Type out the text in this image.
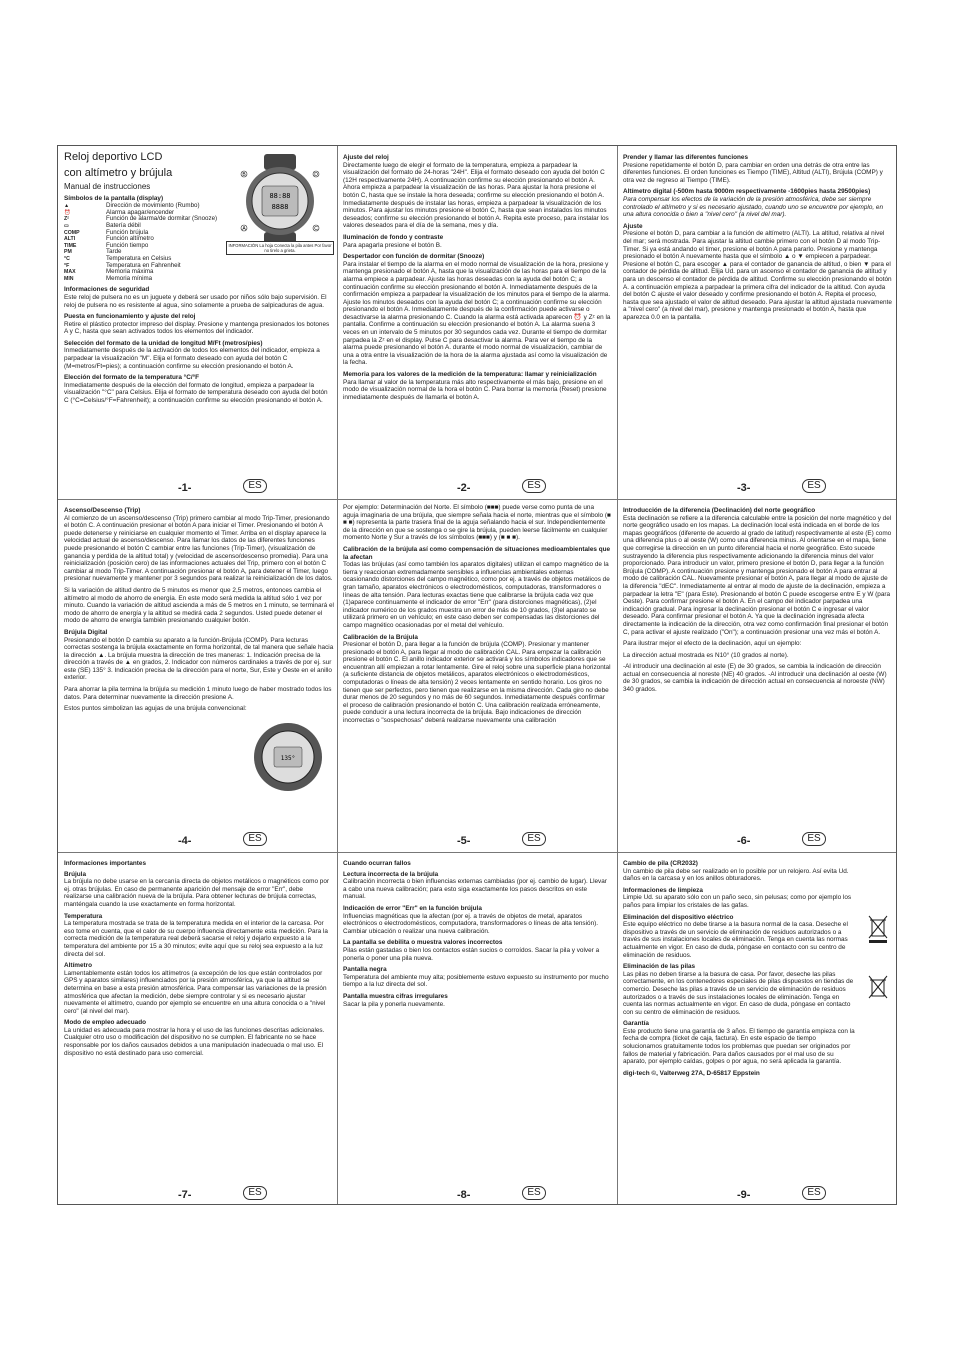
Reloj deportivo LCD

con altímetro y brújula

Manual de instrucciones

Símbolos de la pantalla (display)

▲	Dirección de movimiento (Rumbo)
⏰	Alarma apagar/encender
Zᶻ	Función de alarma/de dormitar (Snooze)
▭	Batería débil
COMP	Función brújula
ALTI	Función altímetro
TIME	Función tiempo
PM	Tarde
°C	Temperatura en Celsius
°F	Temperatura en Fahrenheit
MAX	Memoria máxima
MIN	Memoria mínima
88:88
8888
B	D
A	C
INFORMACIÓN La hoja Conecta la pila antes Por favor no tirelo a grieta.

Informaciones de seguridad

Este reloj de pulsera no es un juguete y deberá ser usado por niños sólo bajo supervisión. El reloj de pulsera no es resistente al agua, sino solamente a prueba de salpicaduras de agua.

Puesta en funcionamiento y ajuste del reloj

Retire el plástico protector impreso del display. Presione y mantenga presionados los botones A y C, hasta que sean activados todos los elementos del indicador.

Selección del formato de la unidad de longitud M/Ft (metros/pies)

Inmediatamente después de la activación de todos los elementos del indicador, empieza a parpadear la visualización "M". Elija el formato deseado con ayuda del botón C (M=metros/Ft=pies); a continuación confirme su elección presionando el botón A.

Elección del formato de la temperatura °C/°F

Inmediatamente después de la elección del formato de longitud, empieza a parpadear la visualización "°C" para Celsius. Elija el formato de temperatura deseado con ayuda del botón C (°C=Celsius/°F=Fahrenheit); a continuación confirme su elección presionando el botón A.

-1-	ES

Ajuste del reloj

Directamente luego de elegir el formato de la temperatura, empieza a parpadear la visualización del formato de 24-horas "24H". Elija el formato deseado con ayuda del botón C (12H respectivamente 24H). A continuación confirme su elección presionando el botón A. Ahora empieza a parpadear la visualización de las horas. Para ajustar la hora presione el botón C, hasta que se instale la hora deseada; confirme su elección presionando el botón A. Inmediatamente después de instalar las horas, empieza a parpadear la visualización de los minutos. Para ajustar los minutos presione el botón C, hasta que sean instalados los minutos deseados; confirme su elección presionando el botón A. Repita este proceso, para instalar los valores deseados para el día de la semana, mes y día.

Iluminación de fondo y contraste

Para apagarla presione el botón B.

Despertador con función de dormitar (Snooze)

Para instalar el tiempo de la alarma en el modo normal de visualización de la hora, presione y mantenga presionado el botón A, hasta que la visualización de las horas para el tiempo de la alarma empiece a parpadear. Ajuste las horas deseadas con la ayuda del botón C; a continuación confirme su elección presionando el botón A. Inmediatamente después de la confirmación empieza a parpadear la visualización de los minutos para el tiempo de la alarma. Ajuste los minutos deseados con la ayuda del botón C; a continuación confirme su elección presionando el botón A. Inmediatamente después de la confirmación puede activarse o desactivarse la alarma presionando C. Cuando la alarma está activada aparecen ⏰ y Zᶻ en la pantalla. Confirme a continuación su elección presionando el botón A. La alarma suena 3 veces en un intervalo de 5 minutos por 30 segundos cada vez. Durante el tiempo de dormitar parpadea la Zᶻ en el display. Pulse C para desactivar la alarma. Para ver el tiempo de la alarma puede presionando el botón A. durante el modo normal de visualización, cambiar de una a otra entre la visualización de la hora de la alarma ajustada así como la visualización de la fecha.

Memoria para los valores de la medición de la temperatura: llamar y reinicialización

Para llamar al valor de la temperatura más alto respectivamente el más bajo, presione en el modo de visualización normal de la hora el botón C. Para borrar la memoria (Reset) presione inmediatamente después de llamarla el botón A.

-2-	ES

Prender y llamar las diferentes funciones

Presione repetidamente el botón D, para cambiar en orden una detrás de otra entre las diferentes funciones. El orden funciones es Tiempo (TIME), Altitud (ALTI), Brújula (COMP) y otra vez de regreso al Tiempo (TIME).

Altímetro digital (-500m hasta 9000m respectivamente -1600pies hasta 29500pies)

Para compensar los efectos de la variación de la presión atmosférica, debe ser siempre controlado el altímetro y si es necesario ajustado, cuando uno se encuentre por ejemplo, en una altura conocida o bien a "nivel cero" (a nivel del mar).

Ajuste

Presione el botón D, para cambiar a la función de altímetro (ALTI). La altitud, relativa al nivel del mar; será mostrada. Para ajustar la altitud cambie primero con el botón D al modo Trip-Timer. Si ya está andando el timer, presione el botón A para pararlo. Presione y mantenga presionado el botón A nuevamente hasta que el símbolo ▲ o ▼ empiecen a parpadear. Presione el botón C, para escoger ▲ para el contador de ganancia de altitud, o bien ▼ para el contador de pérdida de altitud. Elija Ud. para un ascenso el contador de ganancia de altitud y para un descenso el contador de pérdida de altitud. Confirme su elección presionando el botón A. a continuación empieza a parpadear la primera cifra del indicador de la altitud. Con ayuda del botón C ajuste el valor deseado y confirme presionando el botón A. Repita el proceso, hasta que sea ajustado el valor de altitud deseado. Para ajustar la altitud ajustada nuevamente a "nivel cero" (a nivel del mar), presione y mantenga presionado el botón A, hasta que aparezca 0.0 en la pantalla.

-3-	ES

Ascenso/Descenso (Trip)

Al comienzo de un ascenso/descenso (Trip) primero cambiar al modo Trip-Timer, presionando el botón C. A continuación presionar el botón A para iniciar el Timer. Presionando el botón A puede detenerse y reiniciarse en cualquier momento el Timer. Arriba en el display aparece la velocidad actual de ascenso/descenso. Para llamar los datos de las diferentes funciones puede presionando el botón C cambiar entre las funciones (Trip-Timer), (visualización de ganancia y perdida de la altitud total) y (velocidad de ascenso/descenso promedia). Para una reinicialización (posición cero) de las informaciones actuales del Trip, primero con el botón C cambiar al modo Trip-Timer. A continuación presionar el botón A, para detener el Timer, luego presionar nuevamente y mantener por 3 segundos para realizar la reinicialización de los datos.

Si la variación de altitud dentro de 5 minutos es menor que 2,5 metros, entonces cambia el altímetro al modo de ahorro de energía. En este modo será medida la altitud sólo 1 vez por minuto. Cuando la variación de altitud ascienda a más de 5 metros en 1 minuto, se terminará el modo de ahorro de energía y la altitud se medirá cada 2 segundos. Usted puede detener el modo de ahorro de energía también presionando cualquier botón.

Brújula Digital

Presionando el botón D cambia su aparato a la función-Brújula (COMP). Para lecturas correctas sostenga la brújula exactamente en forma horizontal, de tal manera que señale hacia la dirección ▲. La brújula muestra la dirección de tres maneras: 1. Indicación precisa de la dirección a través de ▲ en grados, 2. Indicador con números cardinales a través de por ej. sur este (SE) 135° 3. Indicación precisa de la dirección para el norte, Sur, Este y Oeste en el anillo exterior.

Para ahorrar la pila termina la brújula su medición 1 minuto luego de haber mostrado todos los datos. Para determinar nuevamente la dirección presione A.

Estos puntos simbolizan las agujas de una brújula convencional:

135°
-4-	ES

Por ejemplo: Determinación del Norte. El símbolo (■■■) puede verse como punta de una aguja imaginaria de una brújula, que siempre señala hacia el norte, mientras que el símbolo (■ ■ ■) representa la parte trasera final de la aguja señalando hacia el sur. Independientemente de la dirección en que se sostenga o se gire la brújula, pueden leerse fácilmente en cualquier momento Norte y Sur a través de los símbolos (■■■) y (■ ■ ■).

Calibración de la brújula así como compensación de situaciones medioambientales que la afectan

Todas las brújulas (así como también los aparatos digitales) utilizan el campo magnético de la tierra y reaccionan extremadamente sensibles a influencias ambientales externas ocasionando distorciones del campo magnético, como por ej. a través de objetos metálicos de gran tamaño, aparatos electrónicos o electrodomésticos, computadoras, transformadores o líneas de alta tensión. Para lecturas exactas tiene que calibrarse la brújula cada vez que (1)aparece continuamente el indicador de error "Err" (para distorciones magnéticas), (2)el indicador numérico de los grados muestra un error de más de 10 grados, (3)el aparato se utilizará primero en un vehículo; en este caso deben ser compensadas las distorciones del campo magnético ocasionadas por el metal del vehículo.

Calibración de la Brújula

Presionar el botón D, para llegar a la función de brújula (COMP). Presionar y mantener presionado el botón A, para llegar al modo de calibración CAL. Para empezar la calibración presione el botón C. El anillo indicador exterior se activará y los símbolos indicadores que se encuentran allí empiezan a rotar lentamente. Gire el reloj sobre una superficie plana horizontal (a suficiente distancia de objetos metálicos, aparatos electrónicos o electrodomésticos, computadoras o líneas de alta tensión) 2 veces lentamente en sentido horario. Los giros no tienen que ser perfectos, pero tienen que realizarse en la misma dirección. Cada giro no debe durar menos de 20 segundos y no más de 60 segundos. Inmediatamente después confirmar el proceso de calibración presionando el botón C. Una calibración realizada erróneamente, puede conducir a una lectura incorrecta de la brújula. Bajo indicaciones de dirección incorrectas o "sospechosas" deberá realizarse nuevamente una calibración

-5-	ES

Introducción de la diferencia (Declinación) del norte geográfico

Esta declinación se refiere a la diferencia calculable entre la posición del norte magnético y del norte geográfico usado en los mapas. La declinación local está indicada en el borde de los mapas geográficos (diferente de acuerdo al grado de latitud) respectivamente al este (E) como una diferencia plus o al oeste (W) como una diferencia minus. Al orientarse en el mapa, tiene que corregirse la dirección en un punto diferencial hacia el norte geográfico. Esto sucede sustrayendo la diferencia plus respectivamente adicionando la diferencia minus del valor proporcionado. Para introducir un valor, primero presione el botón D, para llegar a la función Brújula (COMP). A continuación presione y mantenga presionado el botón A para entrar al modo de calibración CAL. Nuevamente presionar el botón A, para llegar al modo de ajuste de la diferencia "dEC". Inmediatamente al entrar al modo de ajuste de la declinación, empieza a parpadear la letra "E" (para Este). Presionando el botón C puede escogerse entre E y W (para Oeste). Para confirmar presione el botón A. En el campo del indicador parpadea una indicación gradual. Para ingresar la declinación presionar el botón C e ingresar el valor deseado. Para confirmar presionar el botón A. Ya que la declinación ingresada afecta directamente la indicación de la dirección, otra vez como confirmación final presionar el botón C, para activar el ajuste realizado ("On"); a continuación presionar una vez más el botón A.

Para ilustrar mejor el efecto de la declinación, aquí un ejemplo:

La dirección actual mostrada es N10° (10 grados al norte).

-Al introducir una declinación al este (E) de 30 grados, se cambia la indicación de dirección actual en consecuencia al noreste (NE) 40 grados. -Al introducir una declinación al oeste (W) de 30 grados, se cambia la indicación de dirección actual en consecuencia al noroeste (NW) 340 grados.

-6-	ES

Informaciones importantes

Brújula

La brújula no debe usarse en la cercanía directa de objetos metálicos o magnéticos como por ej. otras brújulas. En caso de permanente aparición del mensaje de error "Err", debe realizarse una calibración nueva de la brújula. Para obtener lecturas de brújula correctas, manténgala cuando la use exactamente en forma horizontal.

Temperatura

La temperatura mostrada se trata de la temperatura medida en el interior de la carcasa. Por eso tome en cuenta, que el calor de su cuerpo influencia directamente esta medición. Para la correcta medición de la temperatura real deberá sacarse el reloj y dejarlo expuesto a la temperatura del ambiente por 15 a 30 minutos; evite aquí que su reloj sea expuesto a la luz directa del sol.

Altímetro

Lamentablemente están todos los altímetros (a excepción de los que están controlados por GPS y aparatos similares) influenciados por la presión atmosférica, ya que la altitud se determina en base a esta presión atmosférica. Para compensar las variaciones de la presión atmosférica que afectan la medición, debe siempre controlar y si es necesario ajustar nuevamente el altímetro, cuando por ejemplo se encuentre en una altura conocida o a "nivel cero" (al nivel del mar).

Modo de empleo adecuado

La unidad es adecuada para mostrar la hora y el uso de las funciones descritas adicionales. Cualquier otro uso o modificación del dispositivo no se cumplen. El fabricante no se hace responsable por los daños causados debidos a una manipulación inadecuada o mal uso. El dispositivo no está destinado para uso comercial.

-7-	ES

Cuando ocurran fallos

Lectura incorrecta de la brújula

Calibración incorrecta o bien influencias externas cambiadas (por ej. cambio de lugar). Llevar a cabo una nueva calibración; para esto siga exactamente los pasos descritos en este manual.

Indicación de error "Err" en la función brújula

Influencias magnéticas que la afectan (por ej. a través de objetos de metal, aparatos electrónicos o electrodomésticos, computadora, transformadores o líneas de alta tensión). Cambiar ubicación o realizar una nueva calibración.

La pantalla se debilita o muestra valores incorrectos

Pilas están gastadas o bien los contactos están sucios o corroídos. Sacar la pila y volver a ponerla o poner una pila nueva.

Pantalla negra

Temperatura del ambiente muy alta; posiblemente estuvo expuesto su instrumento por mucho tiempo a la luz directa del sol.

Pantalla muestra cifras irregulares

Sacar la pila y ponerla nuevamente.

-8-	ES

Cambio de pila (CR2032)

Un cambio de pila debe ser realizado en lo posible por un relojero. Así evita Ud. daños en la carcasa y en los anillos obturadores.

Informaciones de limpieza

Limpie Ud. su aparato sólo con un paño seco, sin pelusas; como por ejemplo los paños para limpiar los cristales de las gafas.

Eliminación del dispositivo eléctrico

Este equipo eléctrico no debe tirarse a la basura normal de la casa. Deseche el dispositivo a través de un servicio de eliminación de residuos autorizados o a través de sus instalaciones locales de eliminación. Tenga en cuenta las normas actualmente en vigor. En caso de duda, póngase en contacto con su centro de eliminación de residuos.

Eliminación de las pilas

Las pilas no deben tirarse a la basura de casa. Por favor, deseche las pilas correctamente, en los contenedores especiales de pilas dispuestos en tiendas de comercio. Deseche las pilas a través de un servicio de eliminación de residuos autorizados o a través de sus instalaciones locales de eliminación. Tenga en cuenta las normas actualmente en vigor. En caso de duda, póngase en contacto con su centro de eliminación de residuos.

Garantía

Este producto tiene una garantía de 3 años. El tiempo de garantía empieza con la fecha de compra (ticket de caja, factura). En este espacio de tiempo solucionamos gratuitamente todos los problemas que puedan ser originados por fallos de material y fabricación. Para daños causados por el mal uso de su aparato, por ejemplo caídas, golpes o por agua, no será aplicada la garantía.

digi-tech ©, Valterweg 27A, D-65817 Eppstein

-9-	ES
